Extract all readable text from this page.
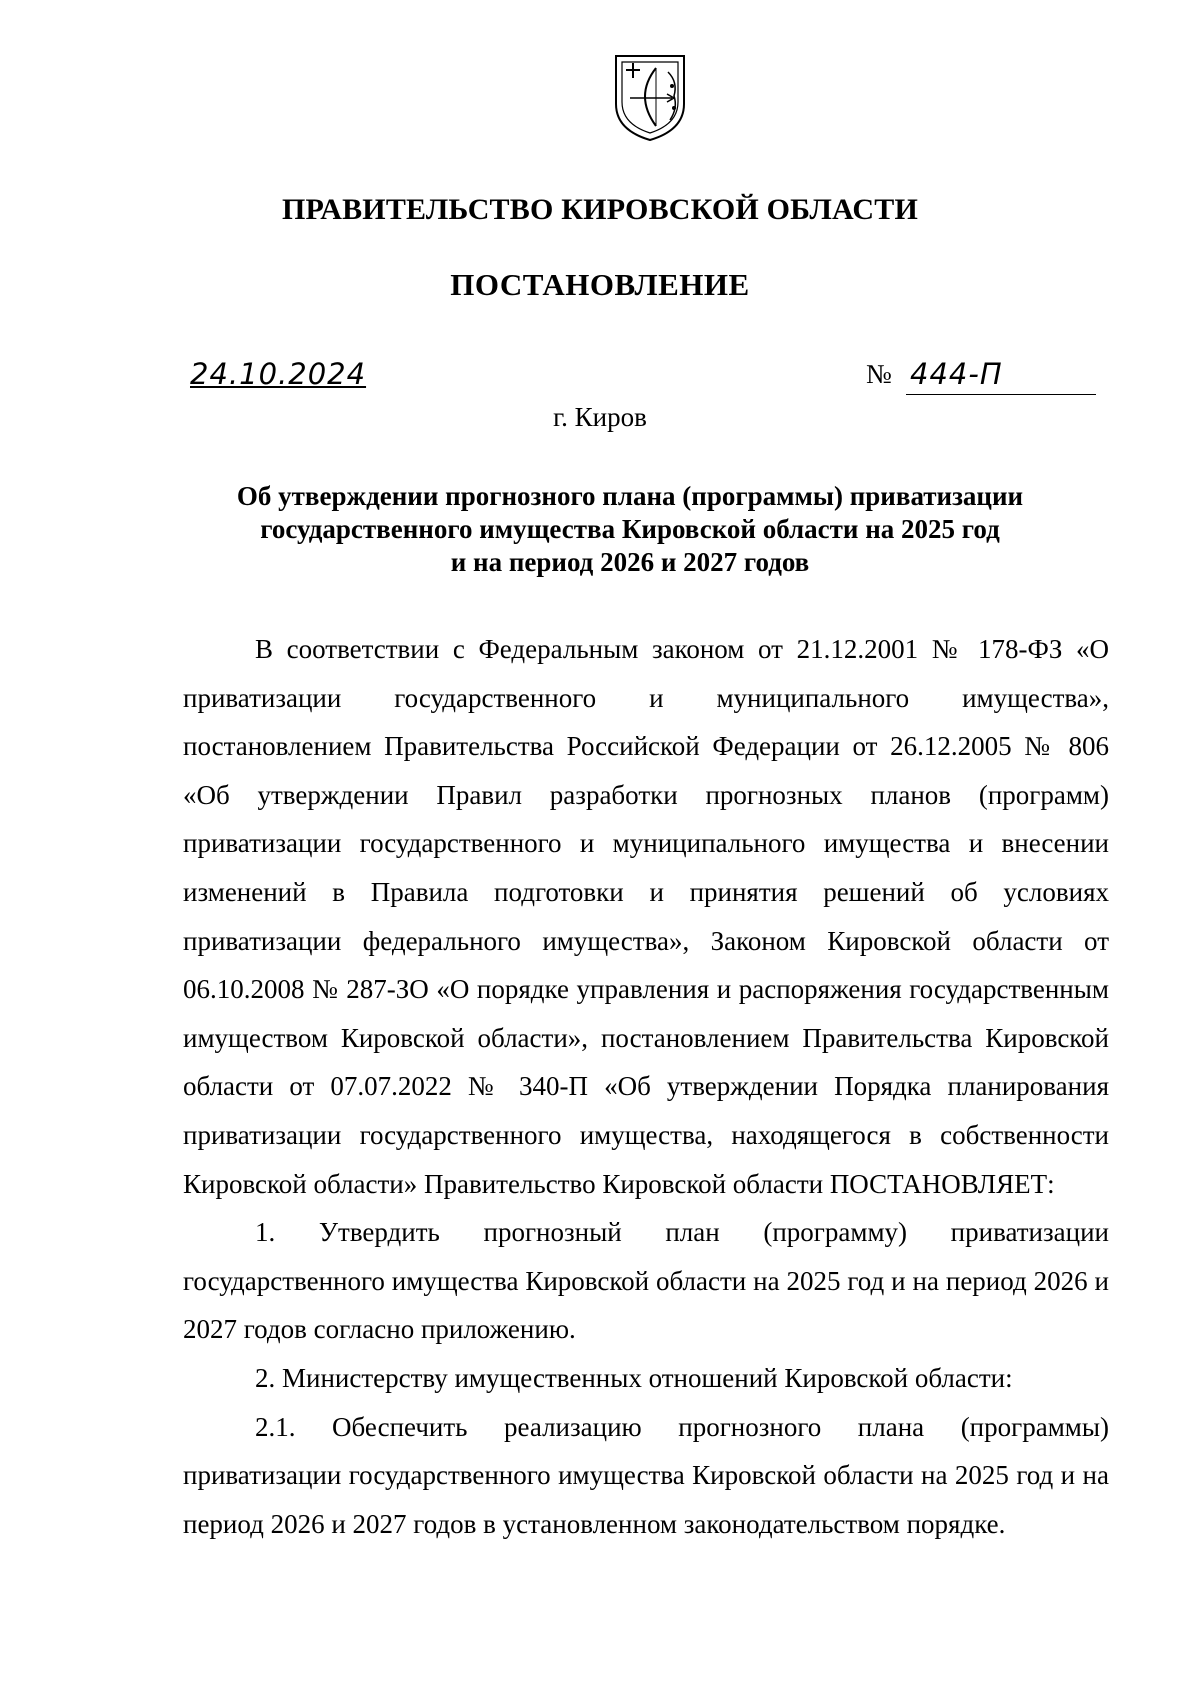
ПРАВИТЕЛЬСТВО КИРОВСКОЙ ОБЛАСТИ
ПОСТАНОВЛЕНИЕ
24.10.2024	№ 444-П
г. Киров
Об утверждении прогнозного плана (программы) приватизации
государственного имущества Кировской области на 2025 год
и на период 2026 и 2027 годов

В соответствии с Федеральным законом от 21.12.2001 № 178-ФЗ «О приватизации государственного и муниципального имущества», постановлением Правительства Российской Федерации от 26.12.2005 № 806 «Об утверждении Правил разработки прогнозных планов (программ) приватизации государственного и муниципального имущества и внесении изменений в Правила подготовки и принятия решений об условиях приватизации федерального имущества», Законом Кировской области от 06.10.2008 № 287-ЗО «О порядке управления и распоряжения государственным имуществом Кировской области», постановлением Правительства Кировской области от 07.07.2022 № 340-П «Об утверждении Порядка планирования приватизации государственного имущества, находящегося в собственности Кировской области» Правительство Кировской области ПОСТАНОВЛЯЕТ:

1. Утвердить прогнозный план (программу) приватизации государственного имущества Кировской области на 2025 год и на период 2026 и 2027 годов согласно приложению.

2. Министерству имущественных отношений Кировской области:

2.1. Обеспечить реализацию прогнозного плана (программы) приватизации государственного имущества Кировской области на 2025 год и на период 2026 и 2027 годов в установленном законодательством порядке.
